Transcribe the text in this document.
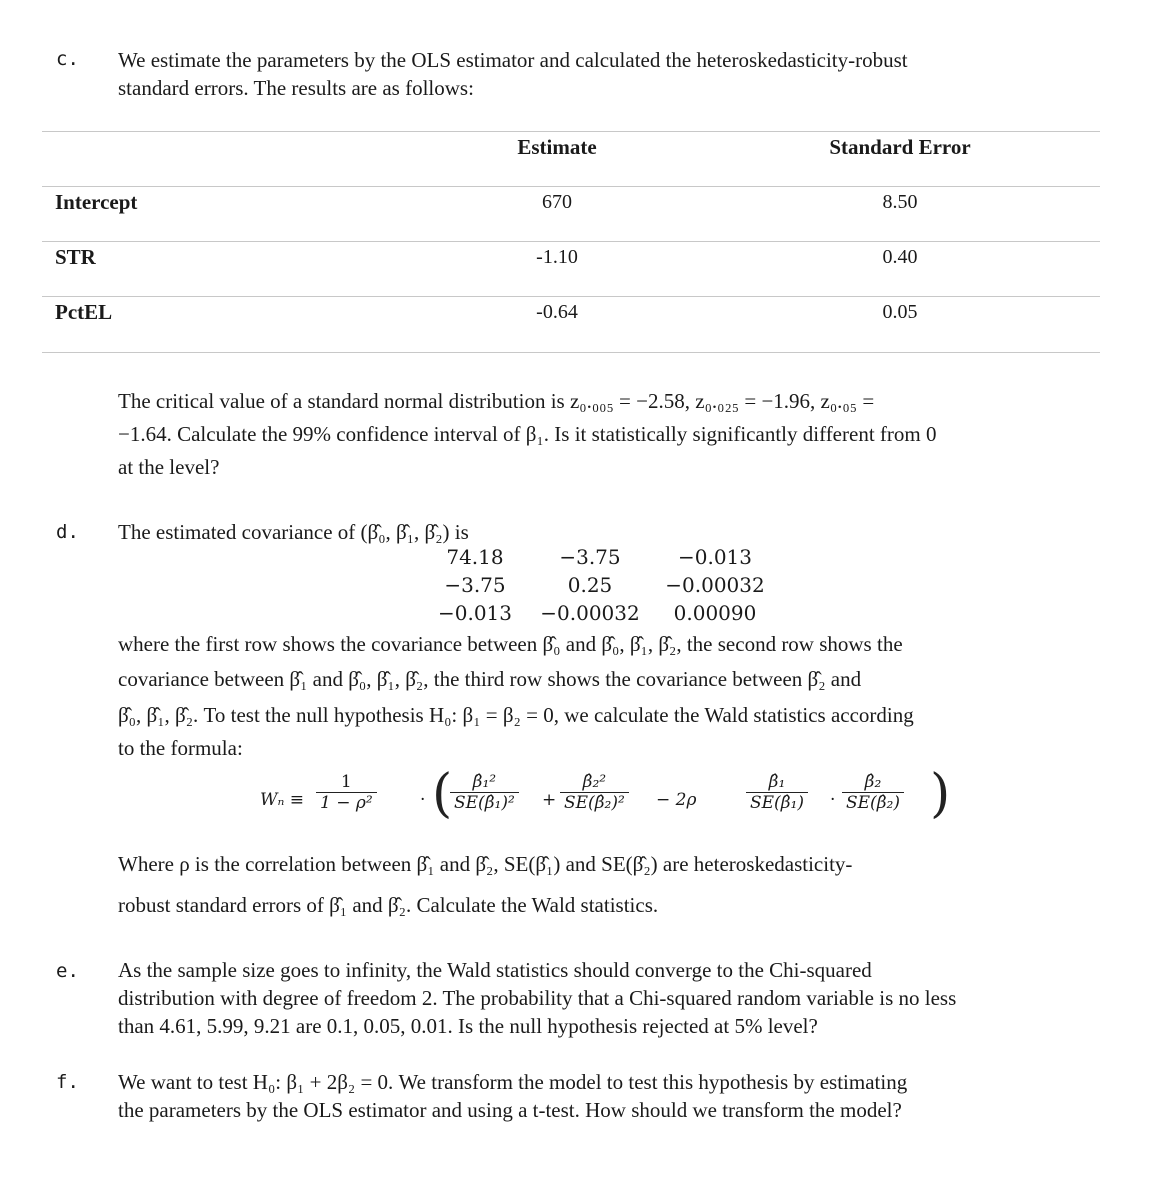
c. We estimate the parameters by the OLS estimator and calculated the heteroskedasticity-robust
standard errors. The results are as follows:
Estimate	Standard Error
Intercept	670	8.50
STR	-1.10	0.40
PctEL	-0.64	0.05
The critical value of a standard normal distribution is z₀.₀₀₅ = −2.58, z₀.₀₂₅ = −1.96, z₀.₀₅ =
−1.64. Calculate the 99% confidence interval of β₁. Is it statistically significantly different from 0
at the level?
d. The estimated covariance of (β̂₀, β̂₁, β̂₂) is
74.18	−3.75	−0.013
−3.75	0.25	−0.00032
−0.013	−0.00032	0.00090
where the first row shows the covariance between β̂₀ and β̂₀, β̂₁, β̂₂, the second row shows the
covariance between β̂₁ and β̂₀, β̂₁, β̂₂, the third row shows the covariance between β̂₂ and
β̂₀, β̂₁, β̂₂. To test the null hypothesis H₀: β₁ = β₂ = 0, we calculate the Wald statistics according
to the formula:
$W_n \equiv \frac{1}{\text{1 − ρ²}}$	· (
$\frac{\text{β̂₁²}}{\text{SE(β̂₁)²}} + \frac{\text{β̂₂²}}{\text{SE(β̂₂)²}} - 2\rho$	$\frac{\text{β̂₁}}{\text{SE(β̂₁)}} \cdot \frac{\text{β̂₂}}{\text{SE(β̂₂)}}$ )
Where ρ is the correlation between β̂₁ and β̂₂, SE(β̂₁) and SE(β̂₂) are heteroskedasticity-
robust standard errors of β̂₁ and β̂₂. Calculate the Wald statistics.
e. As the sample size goes to infinity, the Wald statistics should converge to the Chi-squared
distribution with degree of freedom 2. The probability that a Chi-squared random variable is no less
than 4.61, 5.99, 9.21 are 0.1, 0.05, 0.01. Is the null hypothesis rejected at 5% level?
f. We want to test H₀: β₁ + 2β₂ = 0. We transform the model to test this hypothesis by estimating
the parameters by the OLS estimator and using a t-test. How should we transform the model?
